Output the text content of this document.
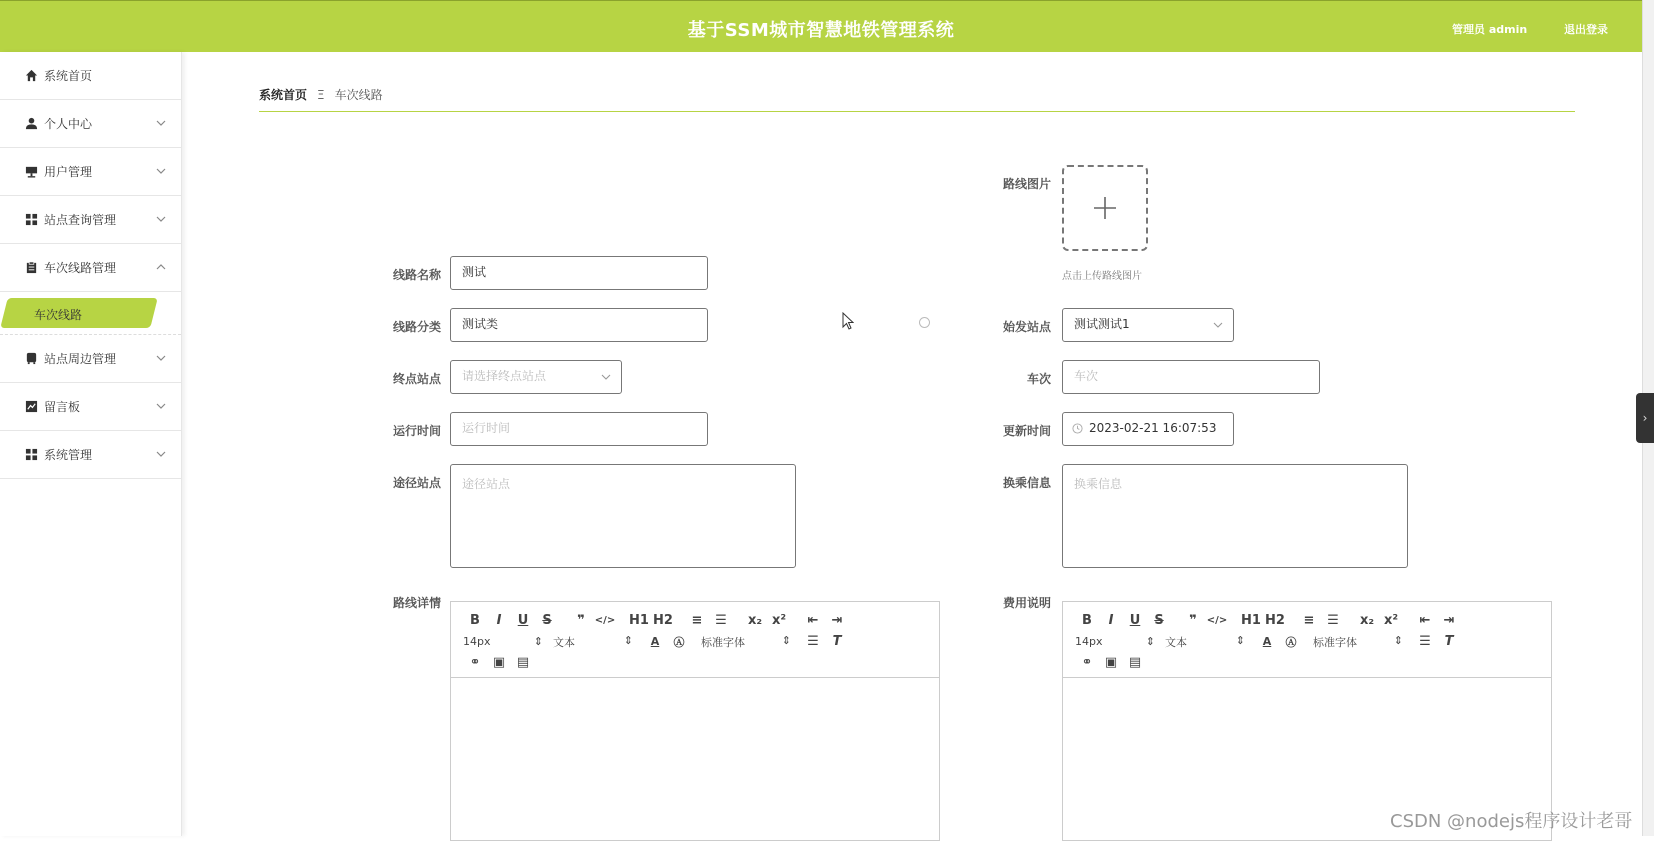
基于SSM城市智慧地铁管理系统	管理员 admin	退出登录
›
系统首页
个人中心
用户管理
站点查询管理
车次线路管理
车次线路
站点周边管理
留言板
系统管理
系统首页 Ξ 车次线路
路线图片
点击上传路线图片
线路名称	测试
线路分类	测试类	始发站点	测试测试1
终点站点	请选择终点站点	车次	车次
运行时间	运行时间	更新时间	2023-02-21 16:07:53
途径站点	途径站点	换乘信息	换乘信息
路线详情
B	I	U	S	❞ </> H1 H2	≡ ☰	x₂ x²	⇤	⇥
14px	⇕ 文本	⇕	A	Ⓐ	标准字体	⇕	☰	T
⚭ ▣ ▤
费用说明
B	I	U	S	❞ </> H1 H2	≡ ☰	x₂ x²	⇤	⇥
14px	⇕ 文本	⇕	A	Ⓐ	标准字体	⇕	☰	T
⚭ ▣ ▤
CSDN @nodejs程序设计老哥
